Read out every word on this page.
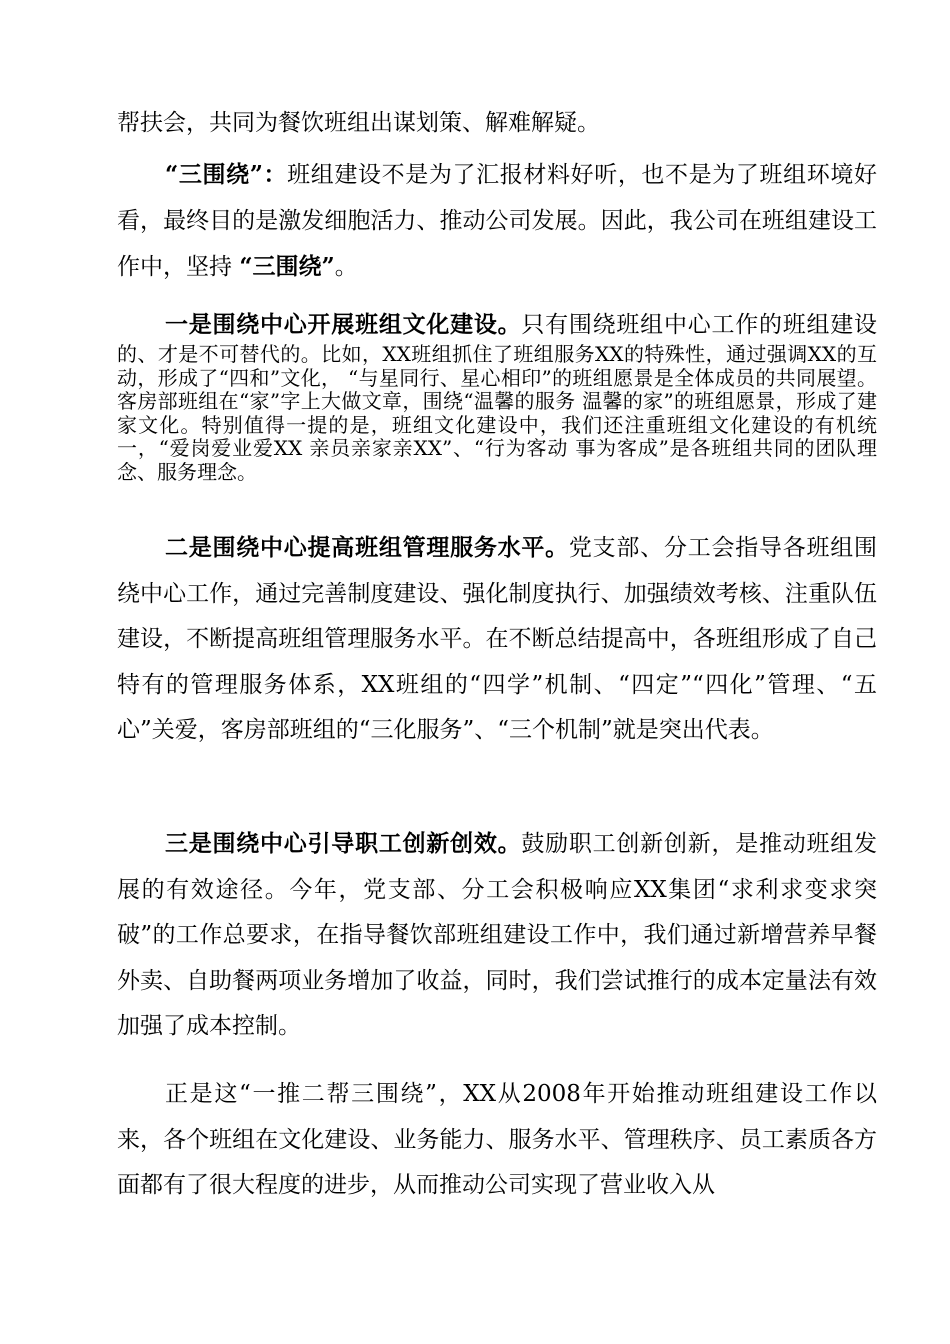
帮扶会，共同为餐饮班组出谋划策、解难解疑。

“三围绕”：班组建设不是为了汇报材料好听，也不是为了班组环境好看，最终目的是激发细胞活力、推动公司发展。因此，我公司在班组建设工作中，坚持 “三围绕”。

一是围绕中心开展班组文化建设。只有围绕班组中心工作的班组建设

的、才是不可替代的。比如，XX班组抓住了班组服务XX的特殊性，通过强调XX的互动，形成了“四和”文化， “与星同行、星心相印”的班组愿景是全体成员的共同展望。客房部班组在“家”字上大做文章，围绕“温馨的服务 温馨的家”的班组愿景，形成了建家文化。特别值得一提的是，班组文化建设中，我们还注重班组文化建设的有机统一，“爱岗爱业爱XX 亲员亲家亲XX”、“行为客动 事为客成”是各班组共同的团队理念、服务理念。

二是围绕中心提高班组管理服务水平。党支部、分工会指导各班组围绕中心工作，通过完善制度建设、强化制度执行、加强绩效考核、注重队伍建设，不断提高班组管理服务水平。在不断总结提高中，各班组形成了自己特有的管理服务体系，XX班组的“四学”机制、“四定”“四化”管理、“五心”关爱，客房部班组的“三化服务”、“三个机制”就是突出代表。

三是围绕中心引导职工创新创效。鼓励职工创新创新，是推动班组发展的有效途径。今年，党支部、分工会积极响应XX集团“求利求变求突破”的工作总要求，在指导餐饮部班组建设工作中，我们通过新增营养早餐外卖、自助餐两项业务增加了收益，同时，我们尝试推行的成本定量法有效加强了成本控制。

正是这“一推二帮三围绕”，XX从2008年开始推动班组建设工作以来，各个班组在文化建设、业务能力、服务水平、管理秩序、员工素质各方面都有了很大程度的进步，从而推动公司实现了营业收入从
